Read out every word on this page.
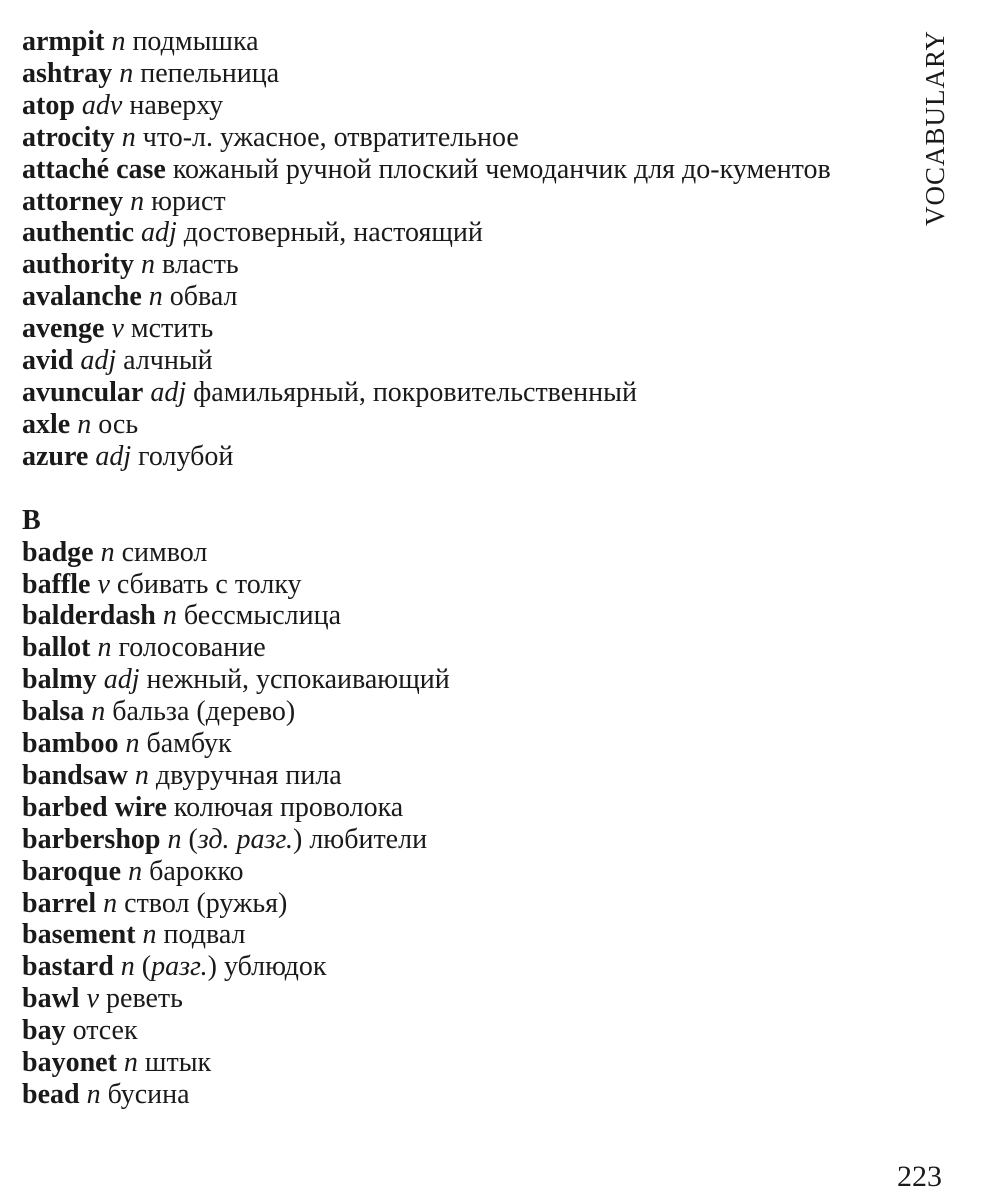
armpit n подмышка

ashtray n пепельница

atop adv наверху

atrocity n что-л. ужасное, отвратительное

attaché case кожаный ручной плоский чемоданчик для до-кументов

attorney n юрист

authentic adj достоверный, настоящий

authority n власть

avalanche n обвал

avenge v мстить

avid adj алчный

avuncular adj фамильярный, покровительственный

axle n ось

azure adj голубой

B

badge n символ

baffle v сбивать с толку

balderdash n бессмыслица

ballot n голосование

balmy adj нежный, успокаивающий

balsa n бальза (дерево)

bamboo n бамбук

bandsaw n двуручная пила

barbed wire колючая проволока

barbershop n (зд. разг.) любители

baroque n барокко

barrel n ствол (ружья)

basement n подвал

bastard n (разг.) ублюдок

bawl v реветь

bay отсек

bayonet n штык

bead n бусина

VOCABULARY
223
